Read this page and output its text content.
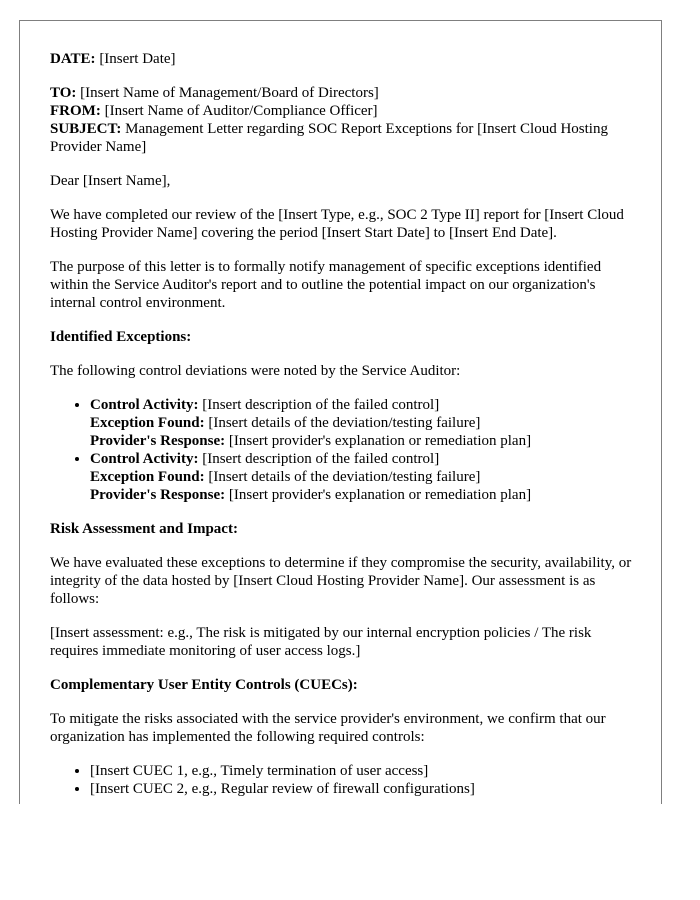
DATE: [Insert Date]

TO: [Insert Name of Management/Board of Directors]

FROM: [Insert Name of Auditor/Compliance Officer]

SUBJECT: Management Letter regarding SOC Report Exceptions for [Insert Cloud Hosting Provider Name]

Dear [Insert Name],

We have completed our review of the [Insert Type, e.g., SOC 2 Type II] report for [Insert Cloud Hosting Provider Name] covering the period [Insert Start Date] to [Insert End Date].

The purpose of this letter is to formally notify management of specific exceptions identified within the Service Auditor's report and to outline the potential impact on our organization's internal control environment.

Identified Exceptions:

The following control deviations were noted by the Service Auditor:

• Control Activity: [Insert description of the failed control]
Exception Found: [Insert details of the deviation/testing failure]
Provider's Response: [Insert provider's explanation or remediation plan]
• Control Activity: [Insert description of the failed control]
Exception Found: [Insert details of the deviation/testing failure]
Provider's Response: [Insert provider's explanation or remediation plan]

Risk Assessment and Impact:

We have evaluated these exceptions to determine if they compromise the security, availability, or integrity of the data hosted by [Insert Cloud Hosting Provider Name]. Our assessment is as follows:

[Insert assessment: e.g., The risk is mitigated by our internal encryption policies / The risk requires immediate monitoring of user access logs.]

Complementary User Entity Controls (CUECs):

To mitigate the risks associated with the service provider's environment, we confirm that our organization has implemented the following required controls:

• [Insert CUEC 1, e.g., Timely termination of user access]
• [Insert CUEC 2, e.g., Regular review of firewall configurations]
